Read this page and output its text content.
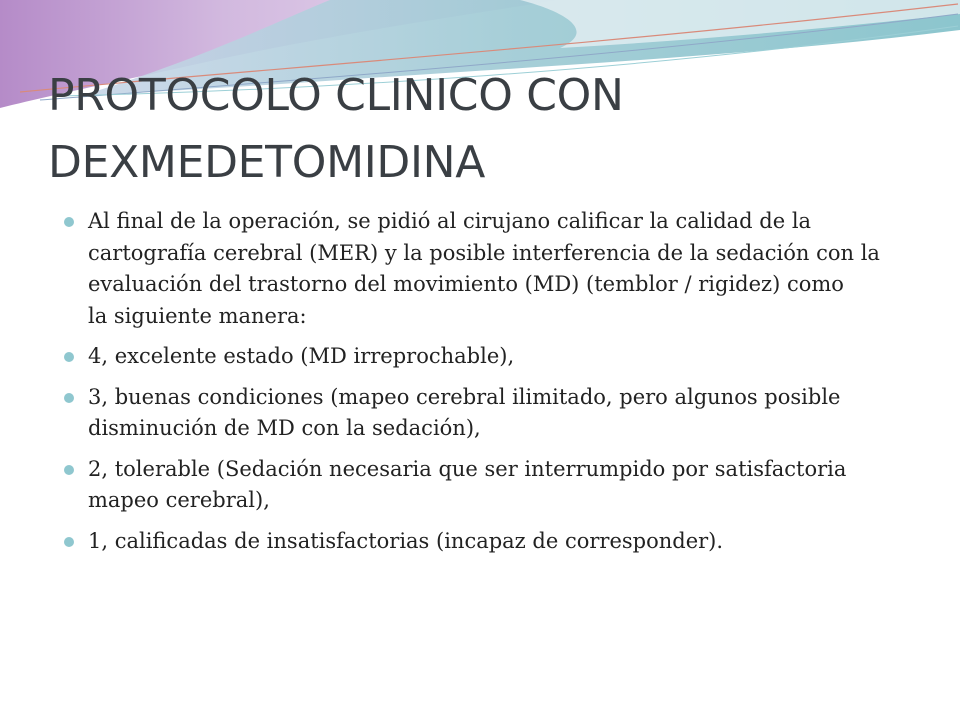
PROTOCOLO CLINICO CON DEXMEDETOMIDINA
Al final de la operación, se pidió al cirujano calificar la calidad de la cartografía cerebral (MER) y la posible interferencia de la sedación con la evaluación del trastorno del movimiento (MD) (temblor / rigidez) como
la siguiente manera:
4, excelente estado (MD irreprochable),
3, buenas condiciones (mapeo cerebral ilimitado, pero algunos posible disminución de MD con la sedación),
2, tolerable (Sedación necesaria que ser interrumpido por satisfactoria
mapeo cerebral),
1, calificadas de insatisfactorias (incapaz de corresponder).
